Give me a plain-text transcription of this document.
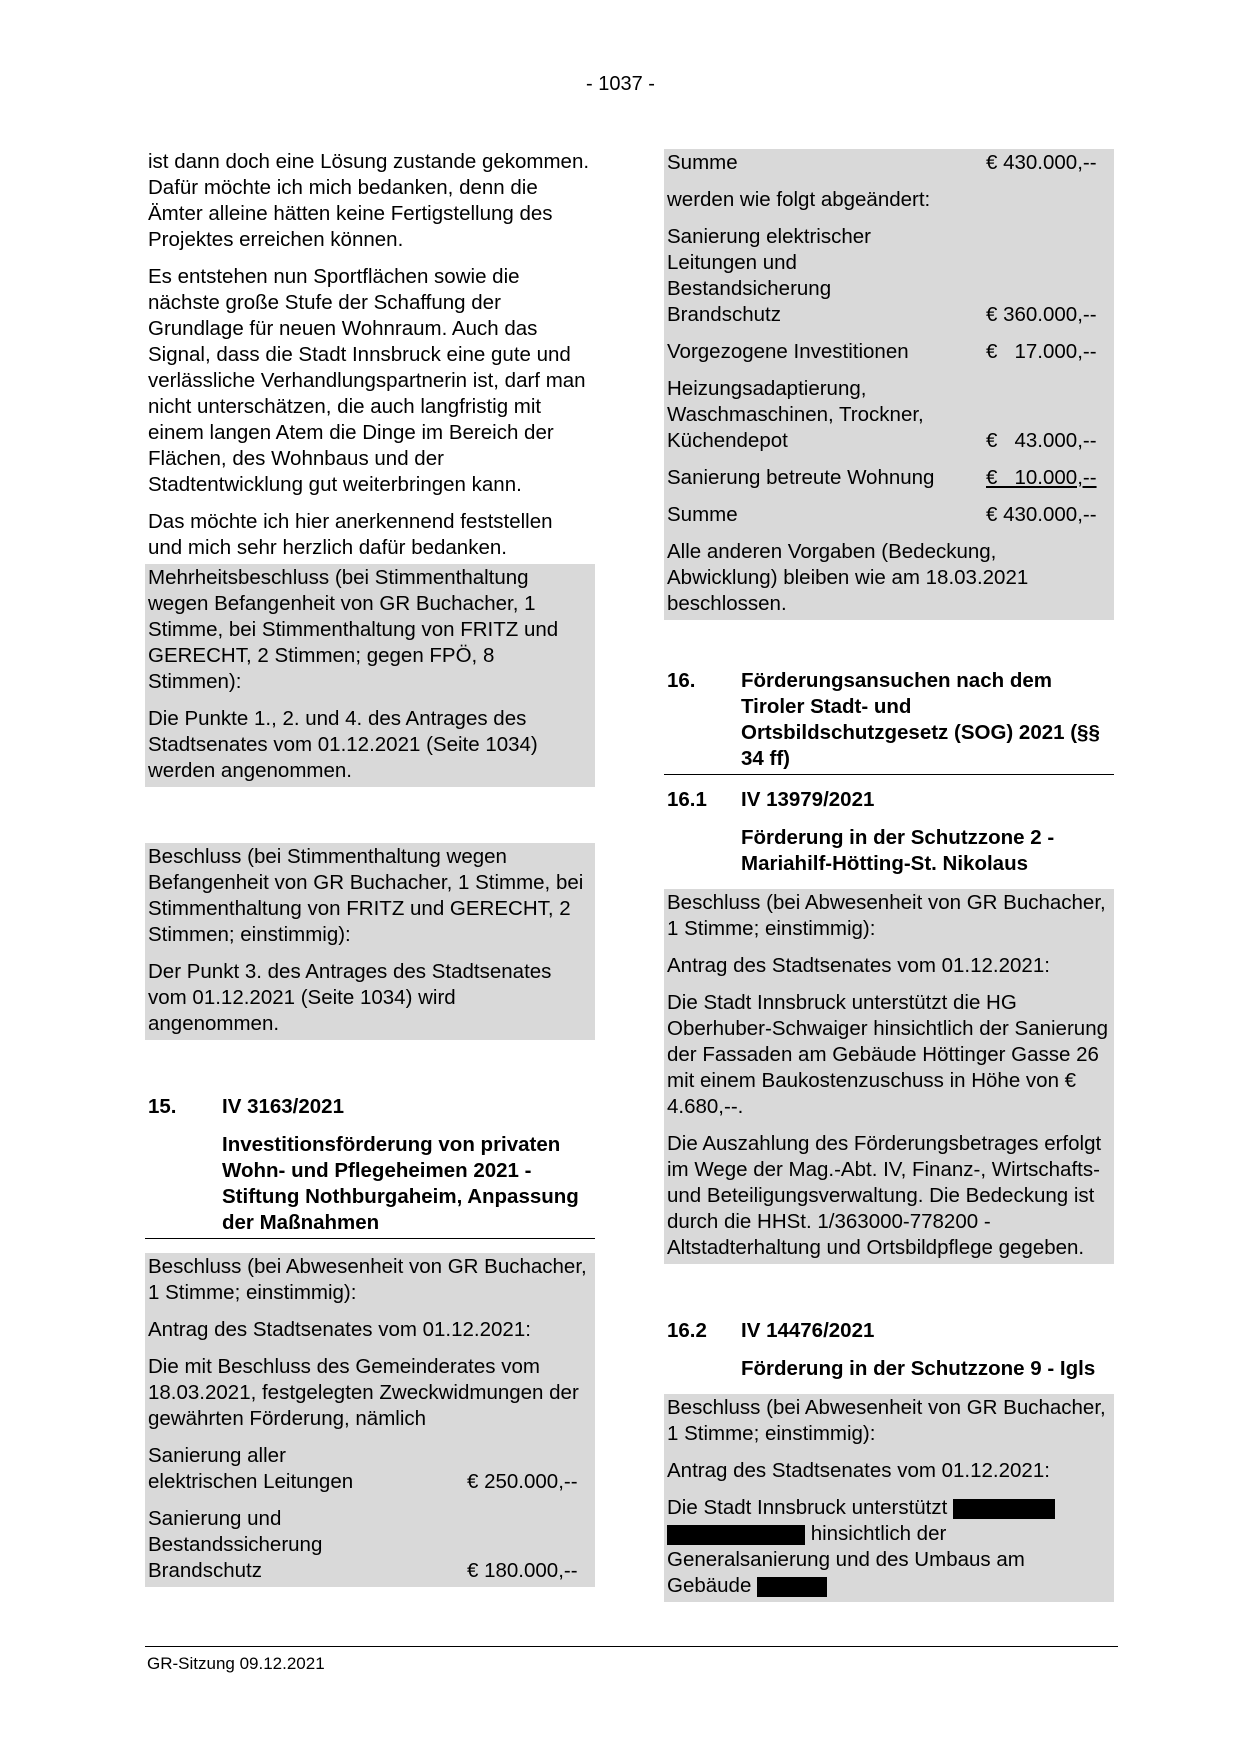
- 1037 -

ist dann doch eine Lösung zustande gekommen. Dafür möchte ich mich bedanken, denn die Ämter alleine hätten keine Fertigstellung des Projektes erreichen können.

Es entstehen nun Sportflächen sowie die nächste große Stufe der Schaffung der Grundlage für neuen Wohnraum. Auch das Signal, dass die Stadt Innsbruck eine gute und verlässliche Verhandlungspartnerin ist, darf man nicht unterschätzen, die auch langfristig mit einem langen Atem die Dinge im Bereich der Flächen, des Wohnbaus und der Stadtentwicklung gut weiterbringen kann.

Das möchte ich hier anerkennend feststellen und mich sehr herzlich dafür bedanken.

Mehrheitsbeschluss (bei Stimmenthaltung wegen Befangenheit von GR Buchacher, 1 Stimme, bei Stimmenthaltung von FRITZ und GERECHT, 2 Stimmen; gegen FPÖ, 8 Stimmen):

Die Punkte 1., 2. und 4. des Antrages des Stadtsenates vom 01.12.2021 (Seite 1034) werden angenommen.

Beschluss (bei Stimmenthaltung wegen Befangenheit von GR Buchacher, 1 Stimme, bei Stimmenthaltung von FRITZ und GERECHT, 2 Stimmen; einstimmig):

Der Punkt 3. des Antrages des Stadtsenates vom 01.12.2021 (Seite 1034) wird angenommen.

15.	IV 3163/2021
Investitionsförderung von privaten Wohn- und Pflegeheimen 2021 - Stiftung Nothburgaheim, Anpassung der Maßnahmen

Beschluss (bei Abwesenheit von GR Buchacher, 1 Stimme; einstimmig):

Antrag des Stadtsenates vom 01.12.2021:

Die mit Beschluss des Gemeinderates vom 18.03.2021, festgelegten Zweckwidmungen der gewährten Förderung, nämlich

Sanierung aller elektrischen Leitungen	€ 250.000,--
Sanierung und Bestandssicherung Brandschutz	€ 180.000,--
Summe	€ 430.000,--

werden wie folgt abgeändert:

Sanierung elektrischer Leitungen und Bestandsicherung Brandschutz	€ 360.000,--
Vorgezogene Investitionen	€   17.000,--
Heizungsadaptierung, Waschmaschinen, Trockner, Küchendepot	€   43.000,--
Sanierung betreute Wohnung	€   10.000,--
Summe	€ 430.000,--

Alle anderen Vorgaben (Bedeckung, Abwicklung) bleiben wie am 18.03.2021 beschlossen.

16.	Förderungsansuchen nach dem Tiroler Stadt- und Ortsbildschutzgesetz (SOG) 2021 (§§ 34 ff)
16.1	IV 13979/2021
Förderung in der Schutzzone 2 - Mariahilf-Hötting-St. Nikolaus

Beschluss (bei Abwesenheit von GR Buchacher, 1 Stimme; einstimmig):

Antrag des Stadtsenates vom 01.12.2021:

Die Stadt Innsbruck unterstützt die HG Oberhuber-Schwaiger hinsichtlich der Sanierung der Fassaden am Gebäude Höttinger Gasse 26 mit einem Baukostenzuschuss in Höhe von € 4.680,--.

Die Auszahlung des Förderungsbetrages erfolgt im Wege der Mag.-Abt. IV, Finanz-, Wirtschafts- und Beteiligungsverwaltung. Die Bedeckung ist durch die HHSt. 1/363000-778200 - Altstadterhaltung und Ortsbildpflege gegeben.

16.2	IV 14476/2021
Förderung in der Schutzzone 9 - Igls

Beschluss (bei Abwesenheit von GR Buchacher, 1 Stimme; einstimmig):

Antrag des Stadtsenates vom 01.12.2021:

Die Stadt Innsbruck unterstützt   hinsichtlich der Generalsanierung und des Umbaus am Gebäude

GR-Sitzung 09.12.2021
